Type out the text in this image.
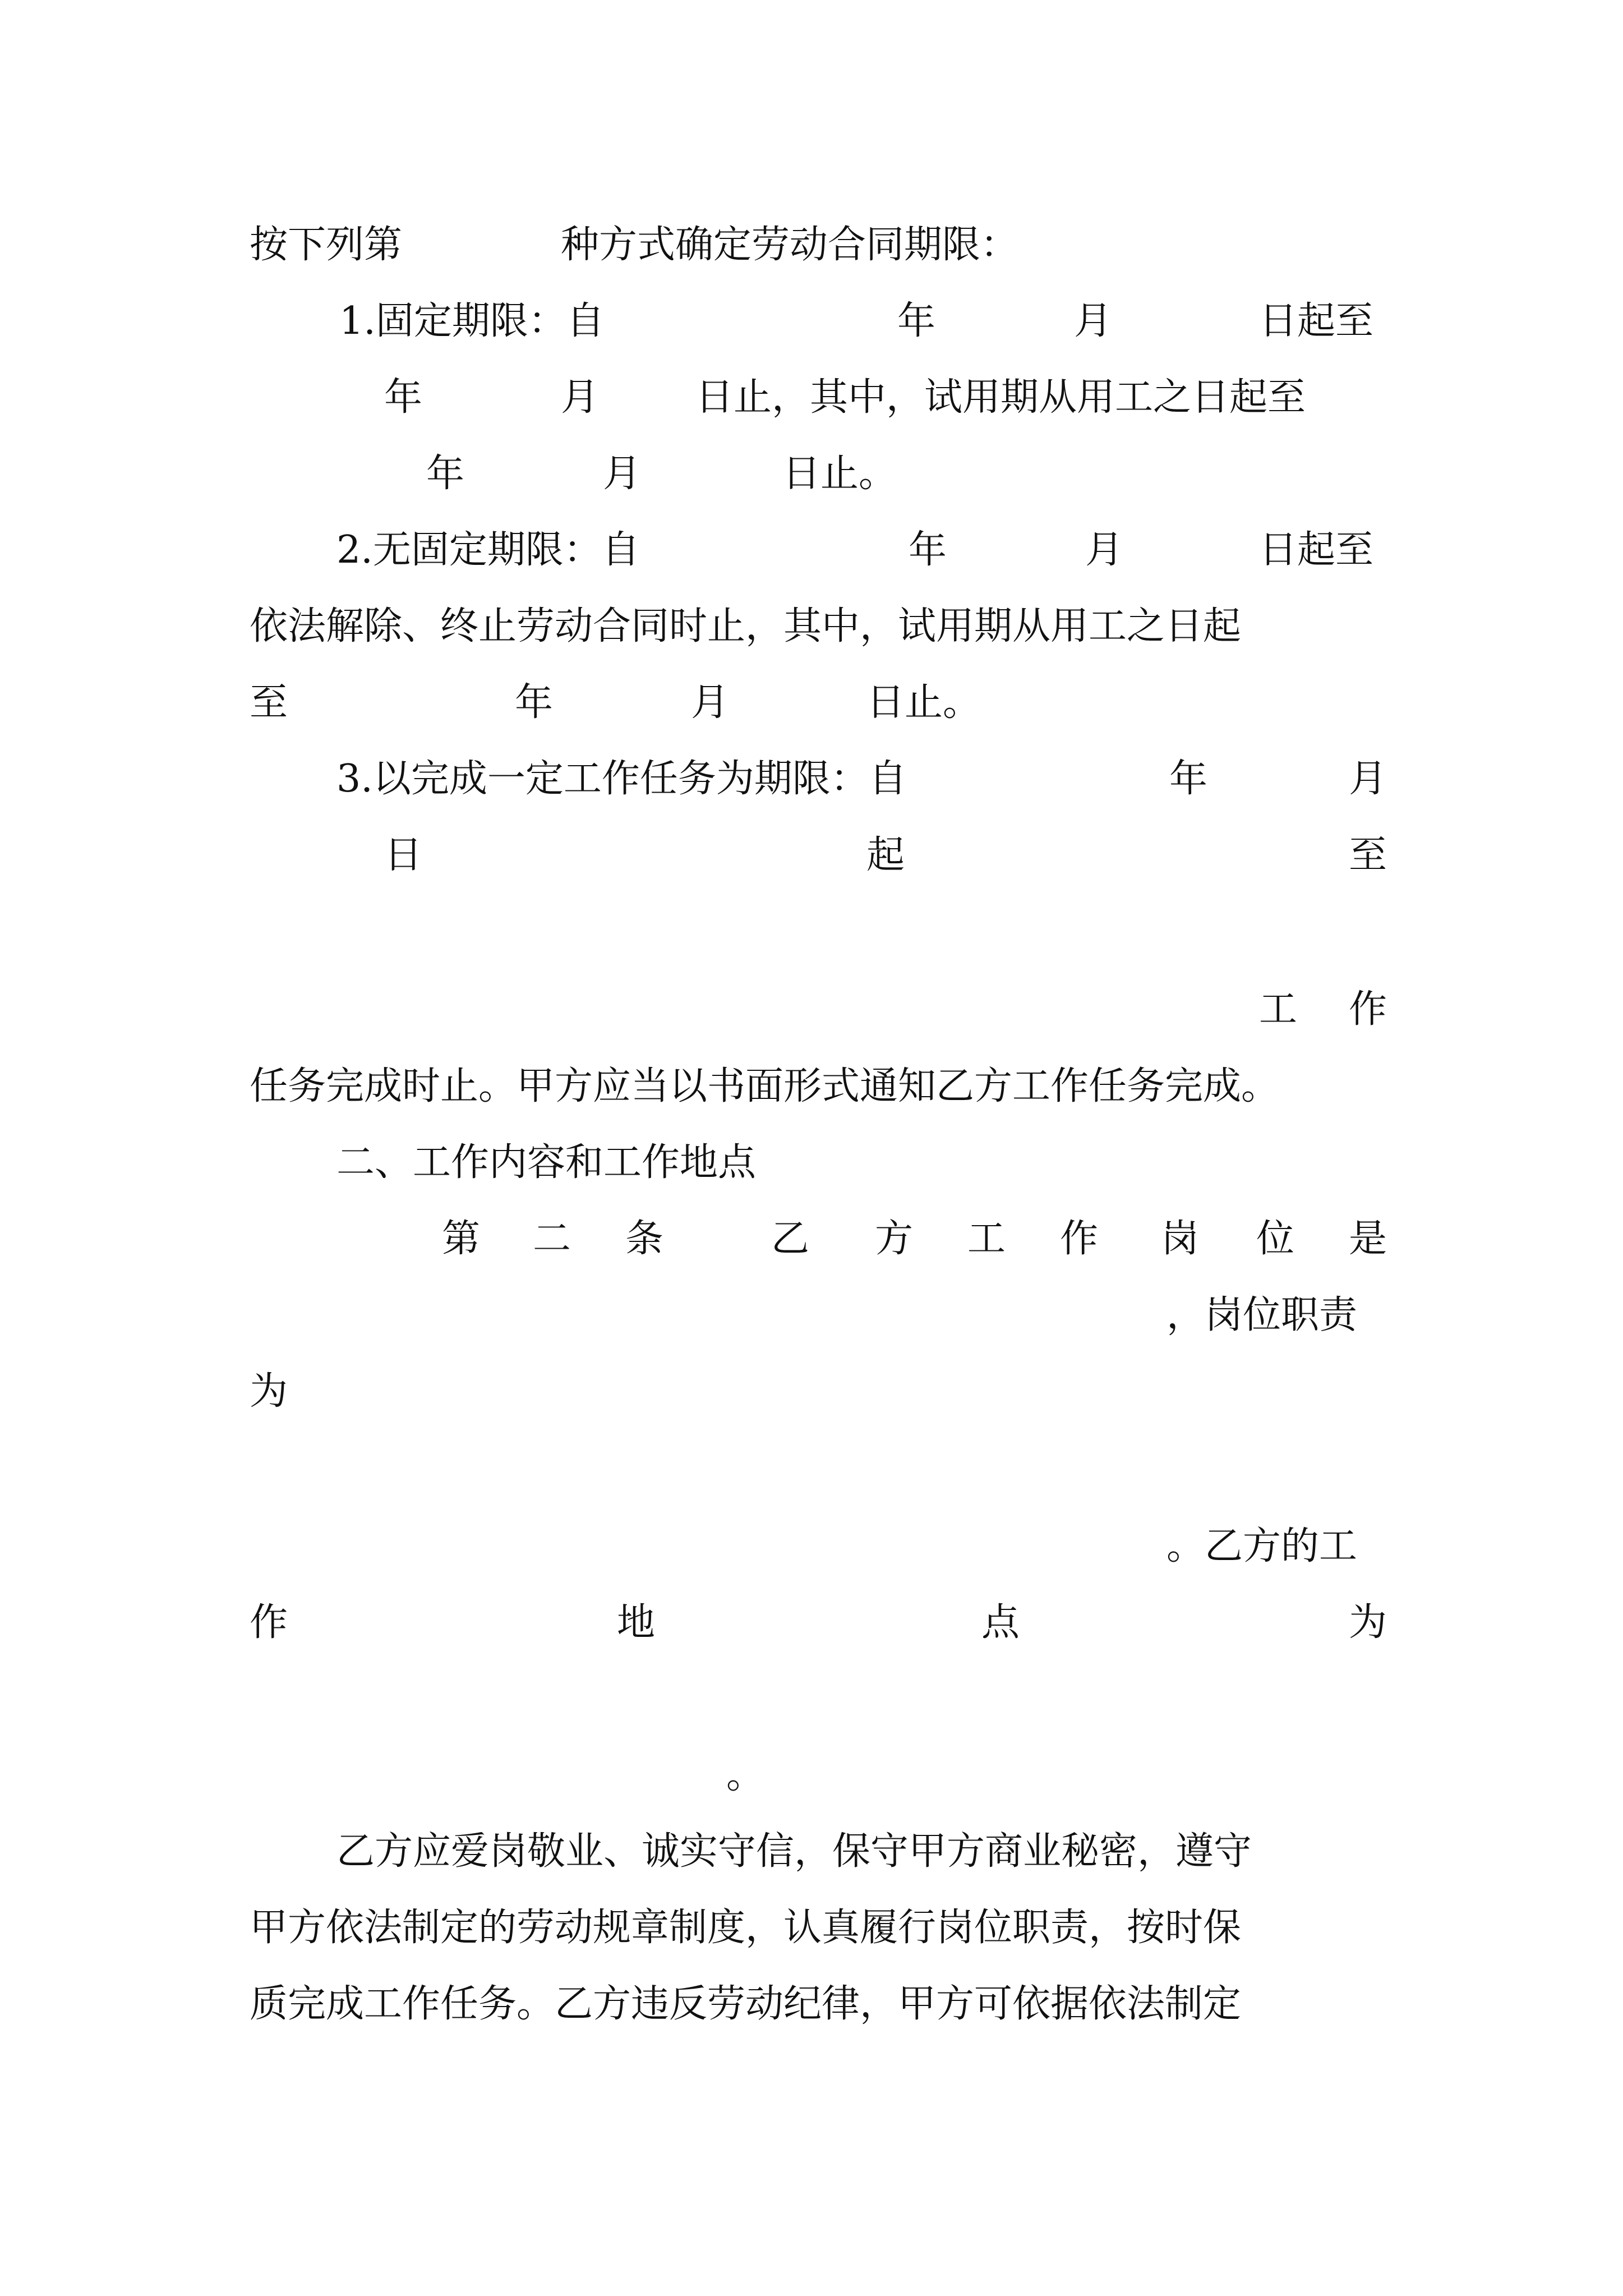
按下列第	种方式确定劳动合同期限：
1.固定期限：自	年	月	日起至
年	月	日止，其中，试用期从用工之日起至
年	月	日止。
2.无固定期限：自	年	月	日起至
依法解除、终止劳动合同时止，其中，试用期从用工之日起
至	年	月	日止。
3.以完成一定工作任务为期限：自	年	月
日	起	至
工 作
任务完成时止。甲方应当以书面形式通知乙方工作任务完成。
二、工作内容和工作地点
第 二 条	乙 方 工 作 岗 位 是
，岗位职责
为
。乙方的工
作	地	点	为
。
乙方应爱岗敬业、诚实守信，保守甲方商业秘密，遵守
甲方依法制定的劳动规章制度，认真履行岗位职责，按时保
质完成工作任务。乙方违反劳动纪律，甲方可依据依法制定
